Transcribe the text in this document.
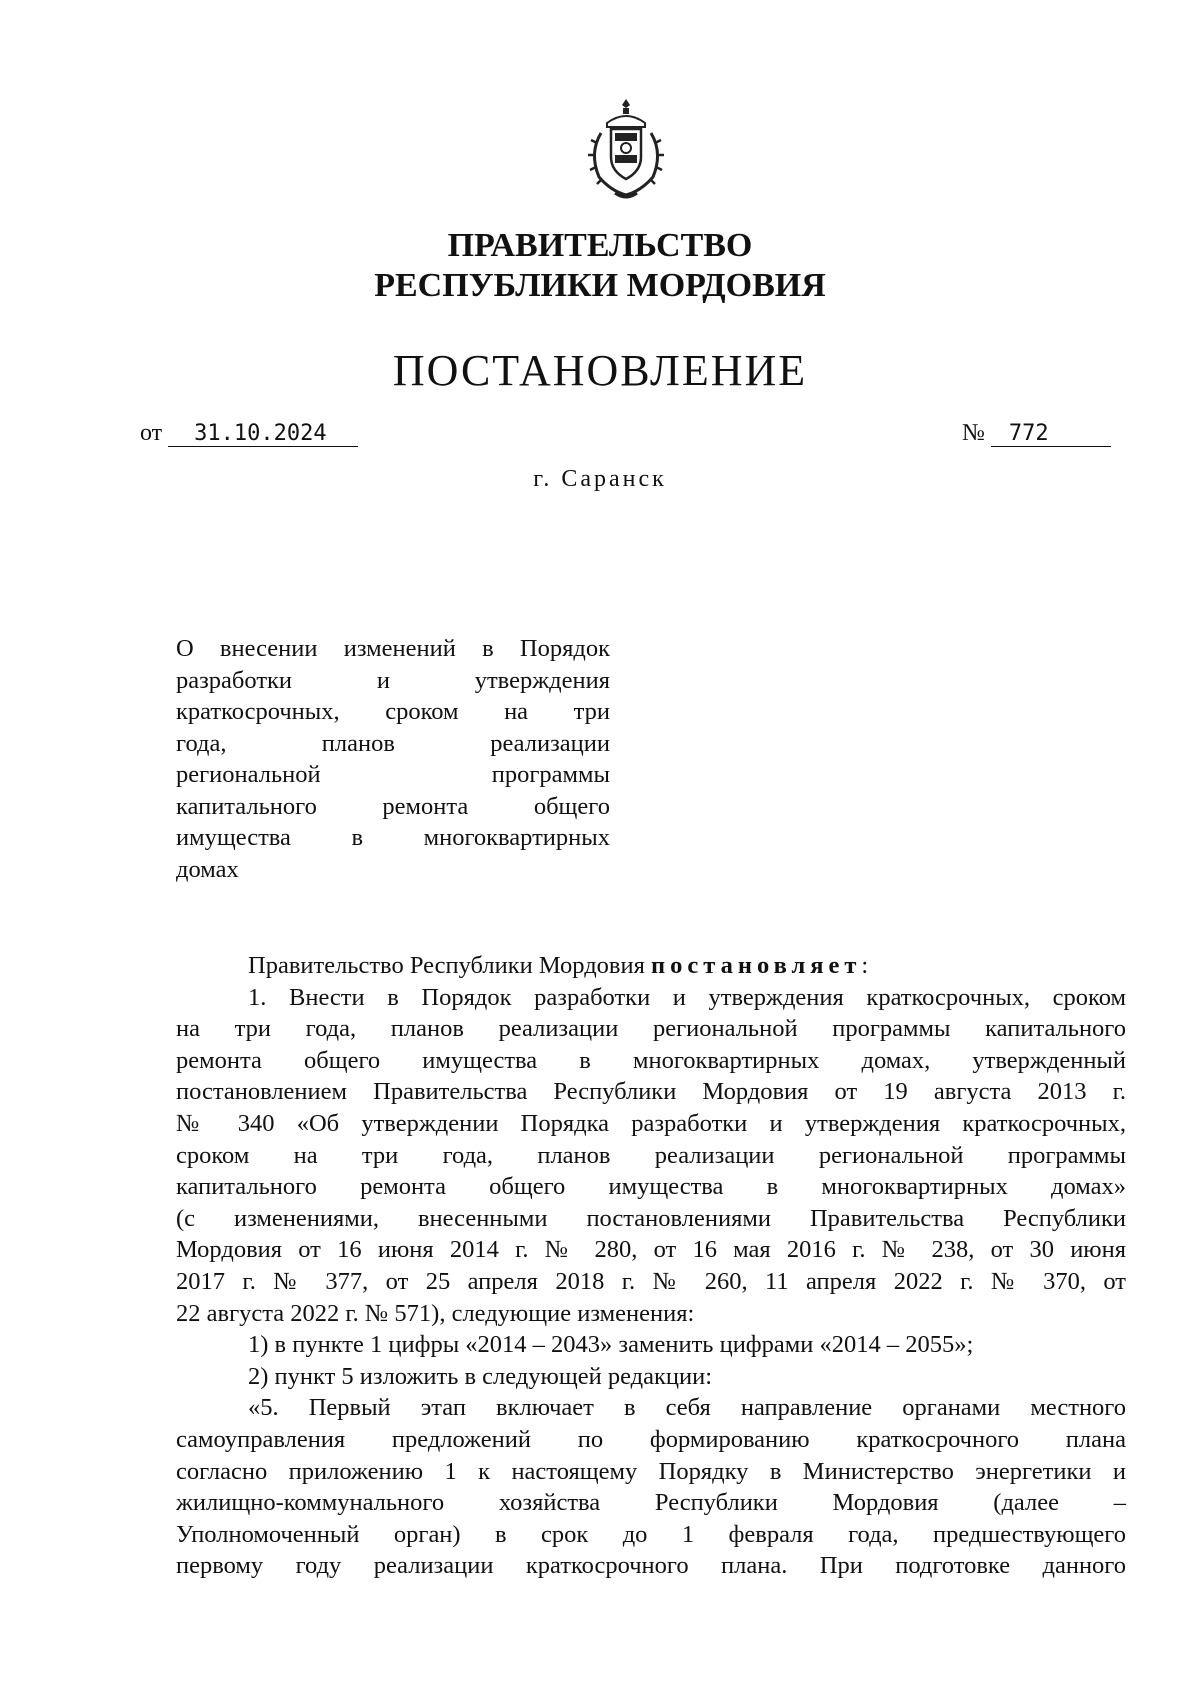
ПРАВИТЕЛЬСТВО
РЕСПУБЛИКИ МОРДОВИЯ
ПОСТАНОВЛЕНИЕ
от 31.10.2024	№ 772
г. Саранск
О внесении изменений в Порядок
разработки и утверждения
краткосрочных, сроком на три
года, планов реализации
региональной программы
капитального ремонта общего
имущества в многоквартирных
домах
Правительство Республики Мордовия постановляет:
1. Внести в Порядок разработки и утверждения краткосрочных, сроком
на три года, планов реализации региональной программы капитального
ремонта общего имущества в многоквартирных домах, утвержденный
постановлением Правительства Республики Мордовия от 19 августа 2013 г.
№ 340 «Об утверждении Порядка разработки и утверждения краткосрочных,
сроком на три года, планов реализации региональной программы
капитального ремонта общего имущества в многоквартирных домах»
(с изменениями, внесенными постановлениями Правительства Республики
Мордовия от 16 июня 2014 г. № 280, от 16 мая 2016 г. № 238, от 30 июня
2017 г. № 377, от 25 апреля 2018 г. № 260, 11 апреля 2022 г. № 370, от
22 августа 2022 г. № 571), следующие изменения:
1) в пункте 1 цифры «2014 – 2043» заменить цифрами «2014 – 2055»;
2) пункт 5 изложить в следующей редакции:
«5. Первый этап включает в себя направление органами местного
самоуправления предложений по формированию краткосрочного плана
согласно приложению 1 к настоящему Порядку в Министерство энергетики и
жилищно-коммунального хозяйства Республики Мордовия (далее –
Уполномоченный орган) в срок до 1 февраля года, предшествующего
первому году реализации краткосрочного плана. При подготовке данного
